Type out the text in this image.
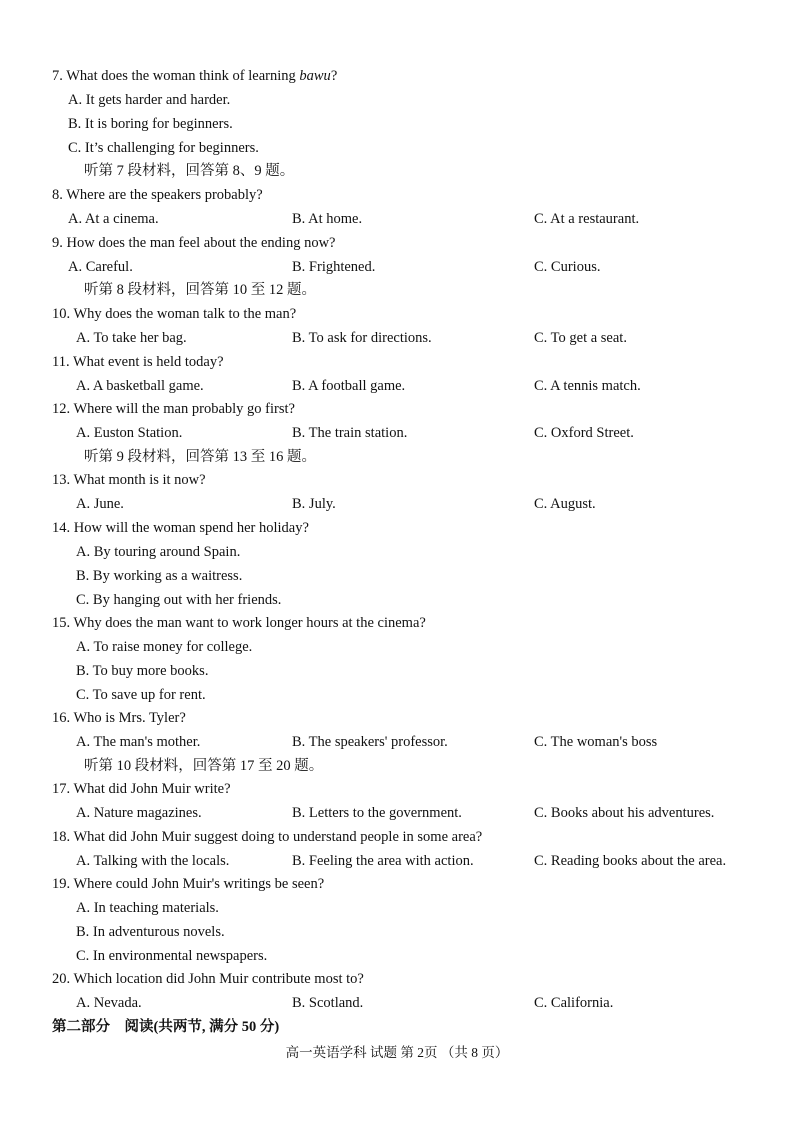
7. What does the woman think of learning bawu?
A. It gets harder and harder.
B. It is boring for beginners.
C. It’s challenging for beginners.
听第 7 段材料，回答第 8、9 题。
8. Where are the speakers probably?
A. At a cinema.	B. At home.	C. At a restaurant.
9. How does the man feel about the ending now?
A. Careful.	B. Frightened.	C. Curious.
听第 8 段材料，回答第 10 至 12 题。
10. Why does the woman talk to the man?
A. To take her bag.	B. To ask for directions.	C. To get a seat.
11. What event is held today?
A. A basketball game.	B. A football game.	C. A tennis match.
12. Where will the man probably go first?
A. Euston Station.	B. The train station.	C. Oxford Street.
听第 9 段材料，回答第 13 至 16 题。
13. What month is it now?
A. June.	B. July.	C. August.
14. How will the woman spend her holiday?
A. By touring around Spain.
B. By working as a waitress.
C. By hanging out with her friends.
15. Why does the man want to work longer hours at the cinema?
A. To raise money for college.
B. To buy more books.
C. To save up for rent.
16. Who is Mrs. Tyler?
A. The man's mother.	B. The speakers' professor.	C. The woman's boss
听第 10 段材料，回答第 17 至 20 题。
17. What did John Muir write?
A. Nature magazines.	B. Letters to the government.	C. Books about his adventures.
18. What did John Muir suggest doing to understand people in some area?
A. Talking with the locals.	B. Feeling the area with action.	C. Reading books about the area.
19. Where could John Muir's writings be seen?
A. In teaching materials.
B. In adventurous novels.
C. In environmental newspapers.
20. Which location did John Muir contribute most to?
A. Nevada.	B. Scotland.	C. California.
第二部分　阅读(共两节, 满分 50 分)
高一英语学科 试题 第 2页 （共 8 页）
